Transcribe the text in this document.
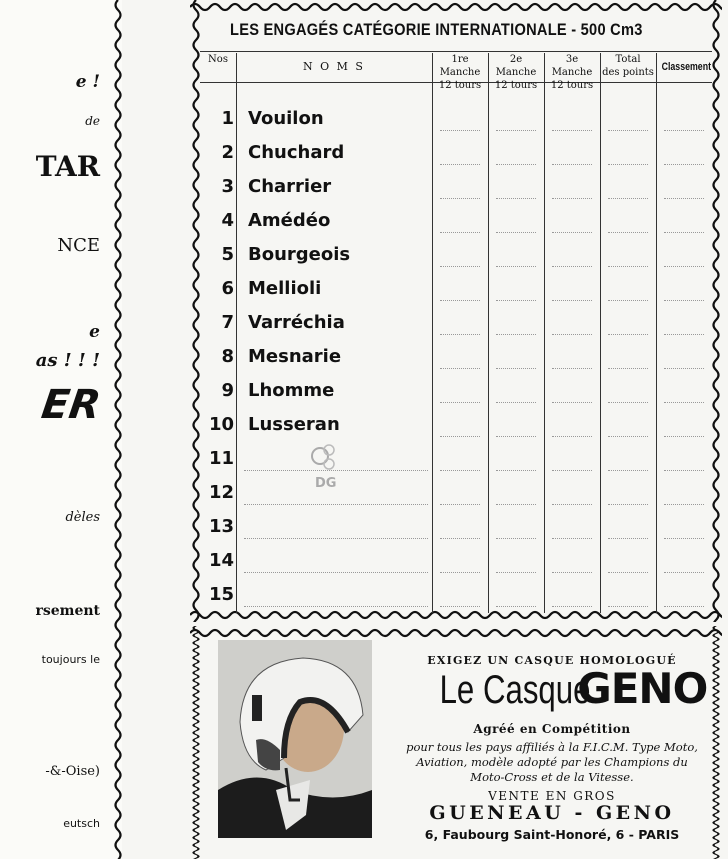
e !
de
TAR
NCE
e
as ! ! !
ER
dèles
rsement
toujours le
-&-Oise)
eutsch
LES ENGAGÉS CATÉGORIE INTERNATIONALE - 500 Cm3
Nos
N O M S
1re Manche
12 tours
2e Manche
12 tours
3e Manche
12 tours
Total
des points Classement
1 Vouilon
2 Chuchard
3 Charrier
4 Amédéo
5 Bourgeois
6 Mellioli
7 Varréchia
8 Mesnarie
9 Lhomme
10 Lusseran
11
12
13
14
15
DG
EXIGEZ UN CASQUE HOMOLOGUÉ
Le Casque GENO
Agréé en Compétition
pour tous les pays affiliés à la F.I.C.M. Type Moto,
Aviation, modèle adopté par les Champions du
Moto-Cross et de la Vitesse.
VENTE EN GROS
GUENEAU - GENO
6, Faubourg Saint-Honoré, 6 - PARIS
